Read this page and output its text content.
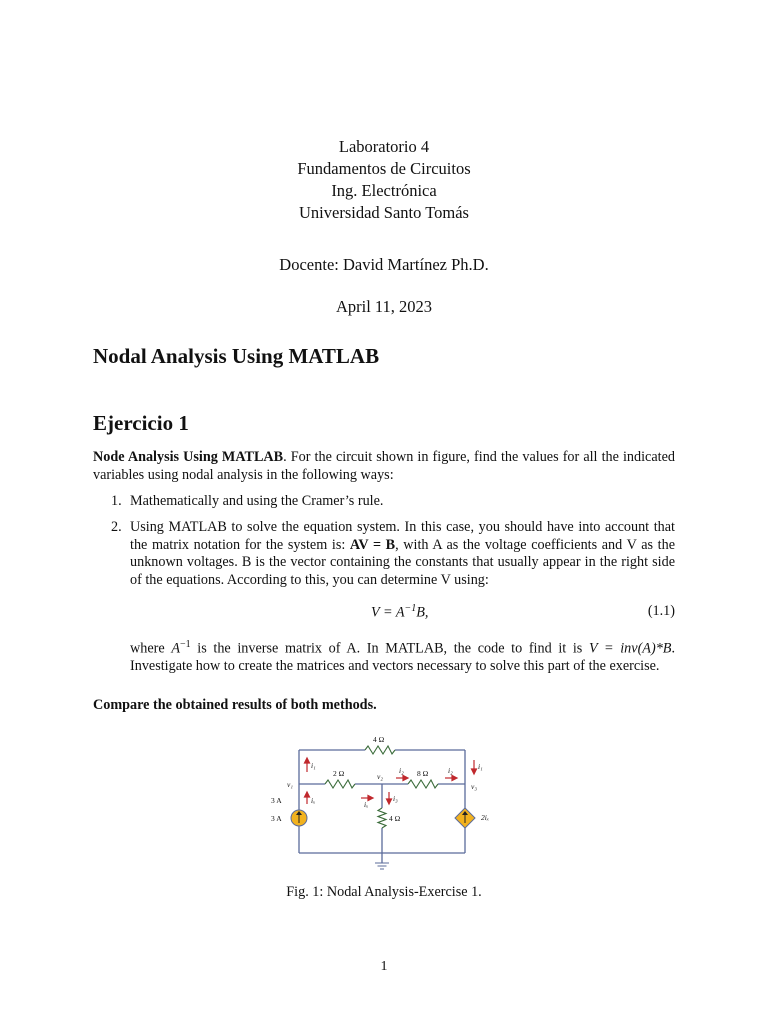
Laboratorio 4
Fundamentos de Circuitos
Ing. Electrónica
Universidad Santo Tomás
Docente: David Martínez Ph.D.
April 11, 2023
Nodal Analysis Using MATLAB
Ejercicio 1
Node Analysis Using MATLAB. For the circuit shown in figure, find the values for all the indicated variables using nodal analysis in the following ways:
1. Mathematically and using the Cramer’s rule.
2. Using MATLAB to solve the equation system. In this case, you should have into account that the matrix notation for the system is: AV = B, with A as the voltage coefficients and V as the unknown voltages. B is the vector containing the constants that usually appear in the right side of the equations. According to this, you can determine V using:
$V = A^{-1}B$,	(1.1)
where $A^{-1}$ is the inverse matrix of A. In MATLAB, the code to find it is V = inv(A)*B. Investigate how to create the matrices and vectors necessary to solve this part of the exercise.
Compare the obtained results of both methods.
4 Ω
2 Ω	8 Ω
4 Ω
v₁
v₂
v₃
i₁	i₁
i₂	i₂
iₓ	iₓ
i₃
3 A
3 A	2iₓ
Fig. 1: Nodal Analysis-Exercise 1.
1
